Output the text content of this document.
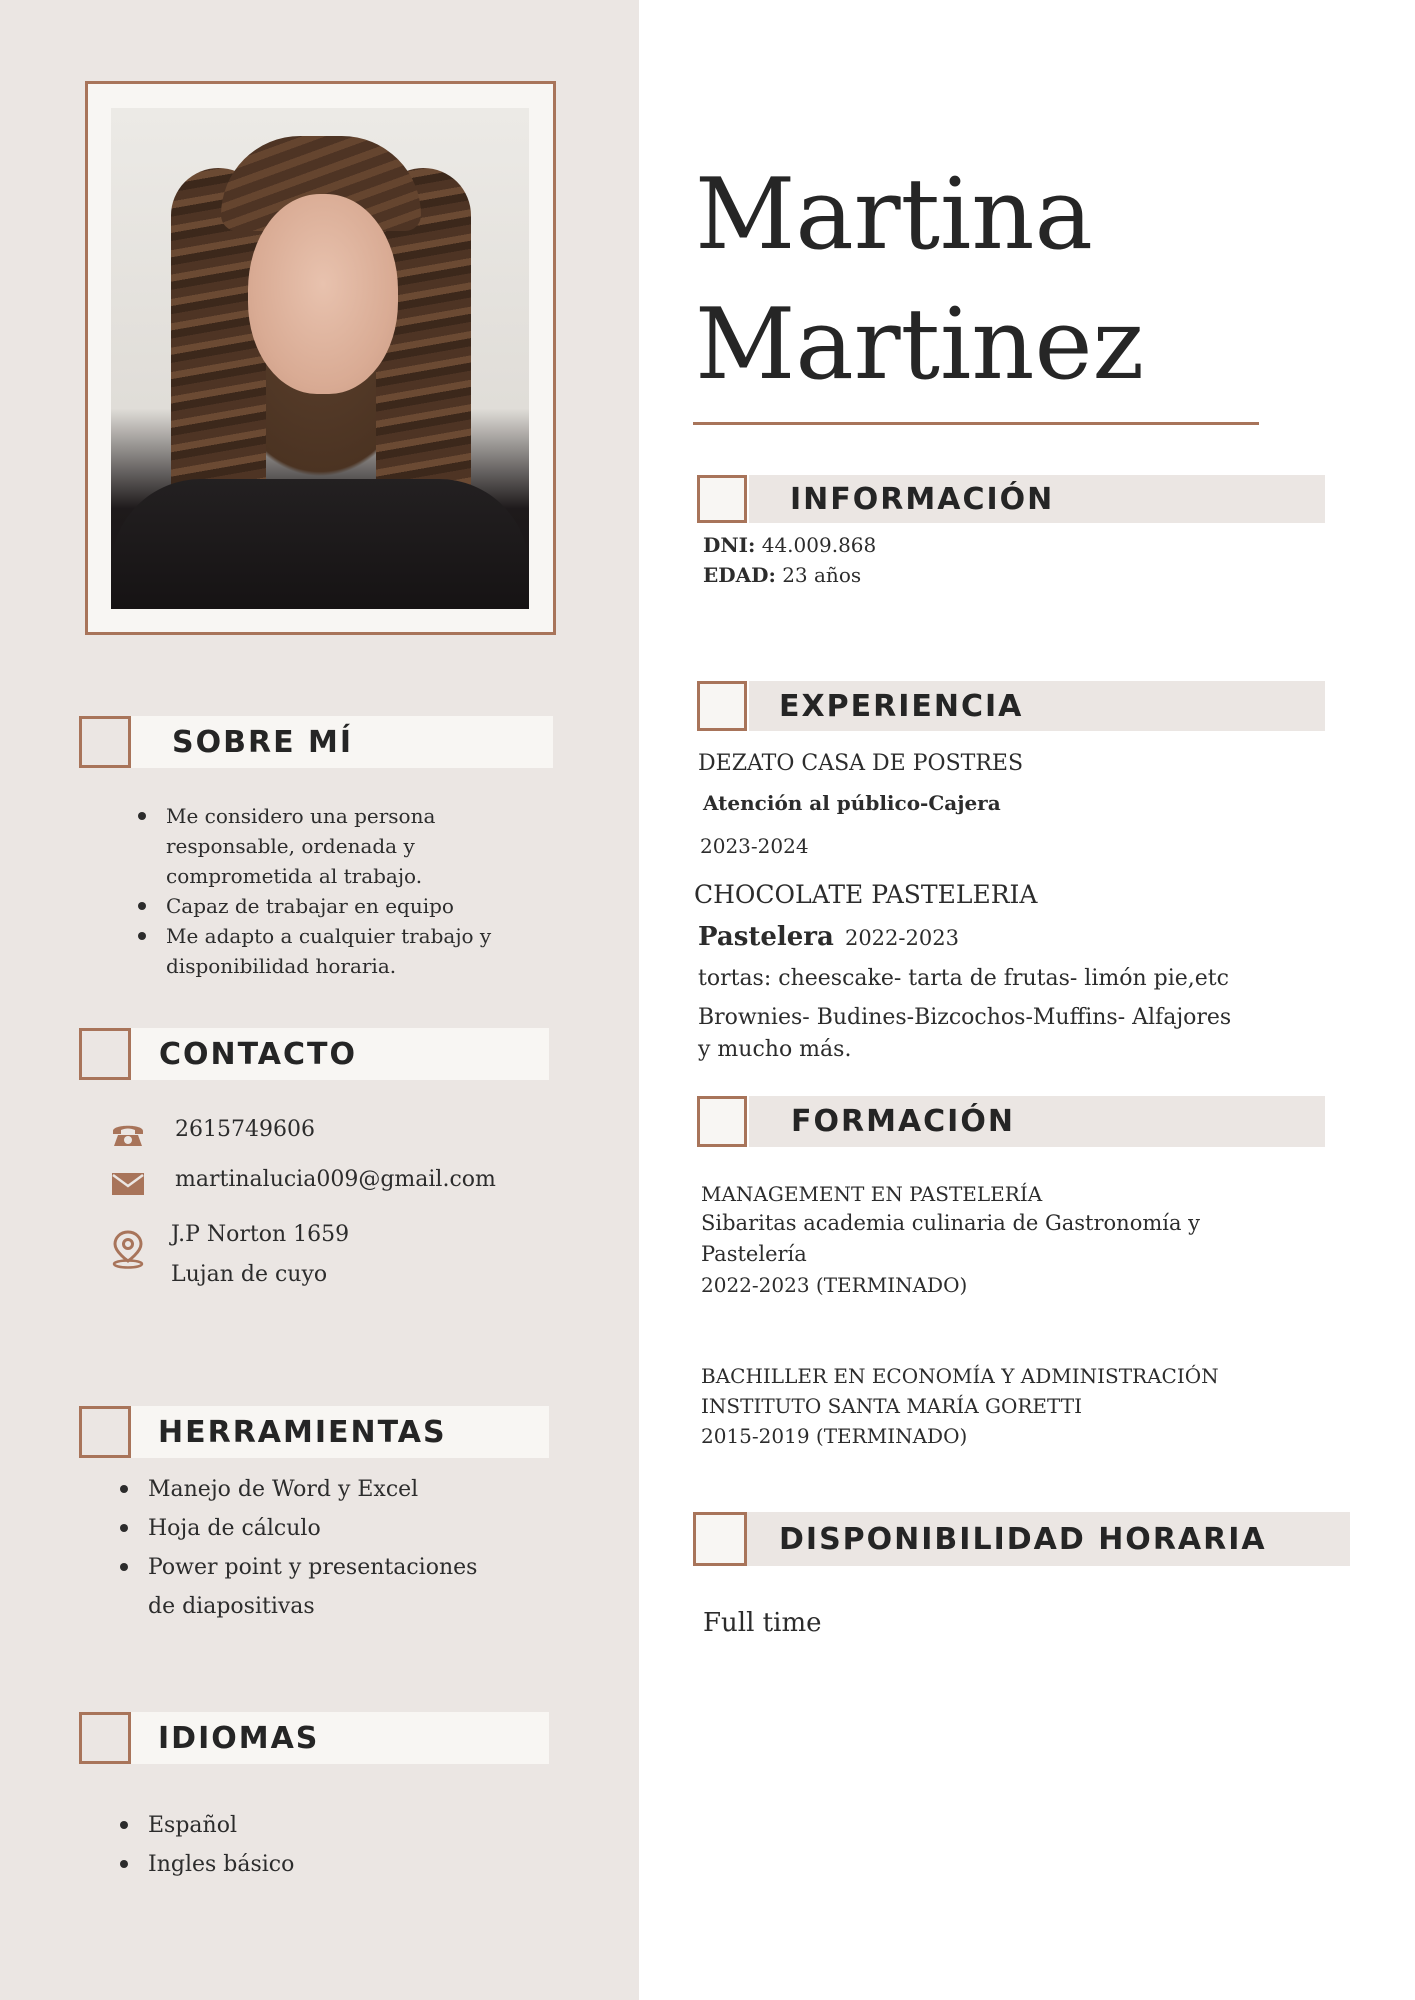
SOBRE MÍ
Me considero una persona
responsable, ordenada y
comprometida al trabajo.
Capaz de trabajar en equipo
Me adapto a cualquier trabajo y
disponibilidad horaria.
CONTACTO
2615749606
martinalucia009@gmail.com
J.P Norton 1659
Lujan de cuyo
HERRAMIENTAS
Manejo de Word y Excel
Hoja de cálculo
Power point y presentaciones
de diapositivas
IDIOMAS
Español
Ingles básico
Martina
Martinez
INFORMACIÓN
DNI: 44.009.868
EDAD: 23 años
EXPERIENCIA
DEZATO CASA DE POSTRES
Atención al público-Cajera
2023-2024
CHOCOLATE PASTELERIA
Pastelera 2022-2023
tortas: cheescake- tarta de frutas- limón pie,etc
Brownies- Budines-Bizcochos-Muffins- Alfajores
y mucho más.
FORMACIÓN
MANAGEMENT EN PASTELERÍA
Sibaritas academia culinaria de Gastronomía y
Pastelería
2022-2023 (TERMINADO)
BACHILLER EN ECONOMÍA Y ADMINISTRACIÓN
INSTITUTO SANTA MARÍA GORETTI
2015-2019 (TERMINADO)
DISPONIBILIDAD HORARIA
Full time
